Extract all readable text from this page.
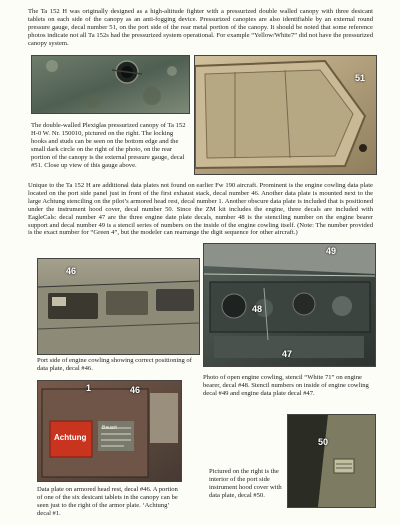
The Ta 152 H was originally designed as a high-altitude fighter with a pressurized double walled canopy with three desicant tablets on each side of the canopy as an anti-fogging device. Pressurized canopies are also identifiable by an external round pressure gauge, decal number 51, on the port side of the rear metal portion of the canopy. It should be noted that some reference photos indicate not all Ta 152s had the pressurized system operational. For example “Yellow/White7” did not have the pressurized canopy system.
51
The double-walled Plexiglas pressurized canopy of Ta 152 H-0 W. Nr. 150010, pictured on the right. The locking hooks and studs can be seen on the bottom edge and the small dark circle on the right of the photo, on the rear portion of the canopy is the external pressure gauge, decal #51. Close up view of this gauge above.
Unique to the Ta 152 H are additional data plates not found on earlier Fw 190 aircraft. Prominent is the engine cowling data plate located on the port side panel just in front of the first exhaust stack, decal number 46. Another data plate is mounted next to the large Achtung stenciling on the pilot’s armored head rest, decal number 1. Another obscure data plate is included that is positioned under the instrument hood cover, decal number 50. Since the ZM kit includes the engine, three decals are included with EagleCals: decal number 47 are the three engine date plate decals, number 48 is the stenciling number on the engine bearer support and decal number 49 is a stencil series of numbers on the inside of the engine cowling itself. (Note: The number provided is the exact number for “Green 4”, but the modeler can rearrange the digit sequence for other aircraft.)
46
Port side of engine cowling showing correct positioning of data plate, decal #46.
49
48
47
Photo of open engine cowling, stencil “White 71” on engine bearer, decal #48. Stencil numbers on inside of engine cowling decal #49 and engine data plate decal #47.
1	46
Achtung
Bauart
Data plate on armored head rest, decal #46. A portion of one of the six desicant tablets in the canopy can be seen just to the right of the armor plate. ‘Achtung’ decal #1.
50
Pictured on the right is the interior of the port side instrument hood cover with data plate, decal #50.
